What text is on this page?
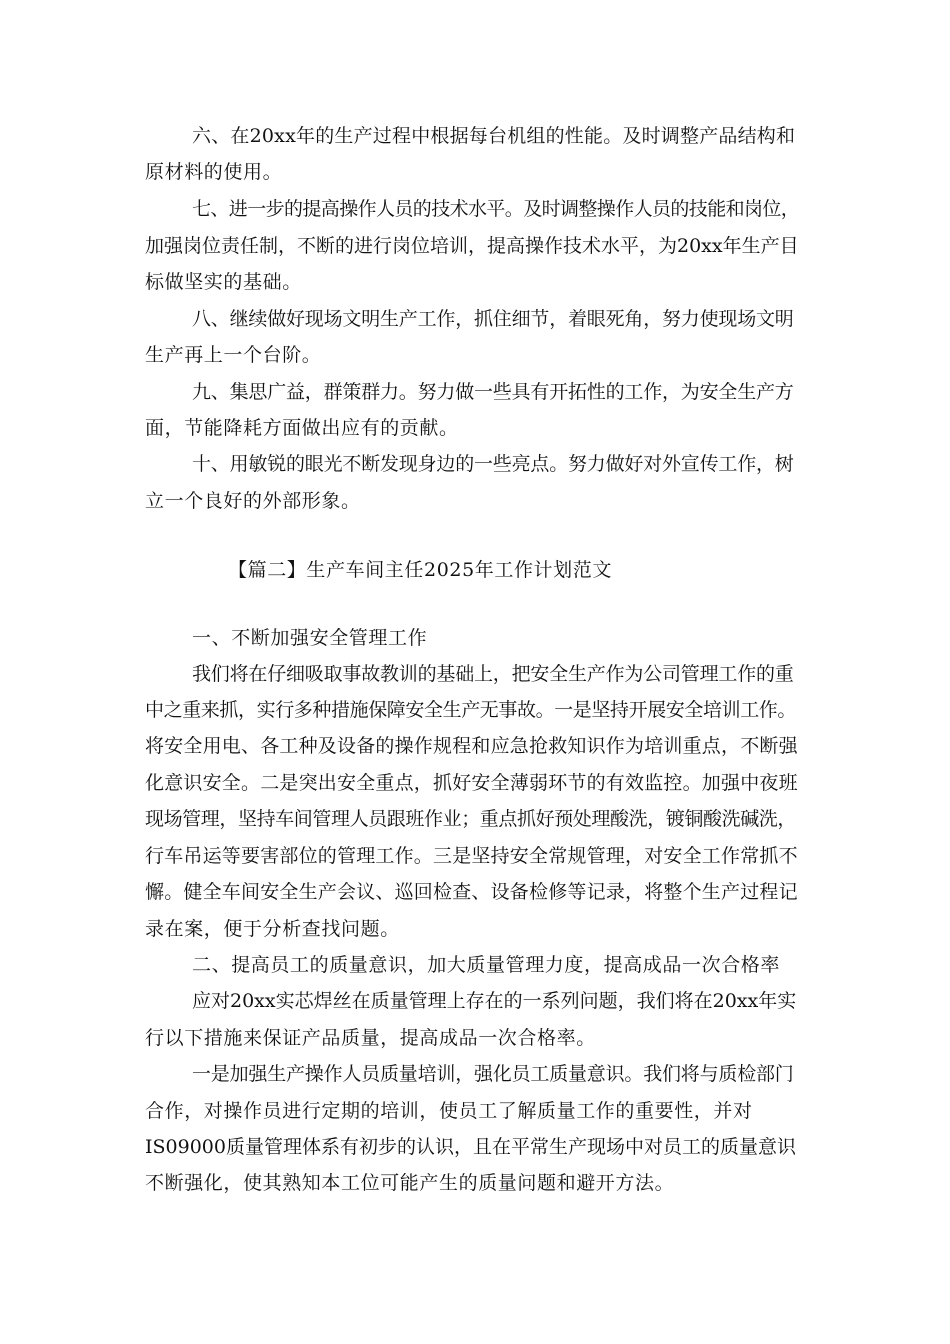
六、在20xx年的生产过程中根据每台机组的性能。及时调整产品结构和
原材料的使用。
七、进一步的提高操作人员的技术水平。及时调整操作人员的技能和岗位，
加强岗位责任制，不断的进行岗位培训，提高操作技术水平，为20xx年生产目
标做坚实的基础。
八、继续做好现场文明生产工作，抓住细节，着眼死角，努力使现场文明
生产再上一个台阶。
九、集思广益，群策群力。努力做一些具有开拓性的工作，为安全生产方
面，节能降耗方面做出应有的贡献。
十、用敏锐的眼光不断发现身边的一些亮点。努力做好对外宣传工作，树
立一个良好的外部形象。
【篇二】生产车间主任2025年工作计划范文
一、不断加强安全管理工作
我们将在仔细吸取事故教训的基础上，把安全生产作为公司管理工作的重
中之重来抓，实行多种措施保障安全生产无事故。一是坚持开展安全培训工作。
将安全用电、各工种及设备的操作规程和应急抢救知识作为培训重点，不断强
化意识安全。二是突出安全重点，抓好安全薄弱环节的有效监控。加强中夜班
现场管理，坚持车间管理人员跟班作业；重点抓好预处理酸洗，镀铜酸洗碱洗，
行车吊运等要害部位的管理工作。三是坚持安全常规管理，对安全工作常抓不
懈。健全车间安全生产会议、巡回检查、设备检修等记录，将整个生产过程记
录在案，便于分析查找问题。
二、提高员工的质量意识，加大质量管理力度，提高成品一次合格率
应对20xx实芯焊丝在质量管理上存在的一系列问题，我们将在20xx年实
行以下措施来保证产品质量，提高成品一次合格率。
一是加强生产操作人员质量培训，强化员工质量意识。我们将与质检部门
合作，对操作员进行定期的培训，使员工了解质量工作的重要性，并对
IS09000质量管理体系有初步的认识，且在平常生产现场中对员工的质量意识
不断强化，使其熟知本工位可能产生的质量问题和避开方法。
